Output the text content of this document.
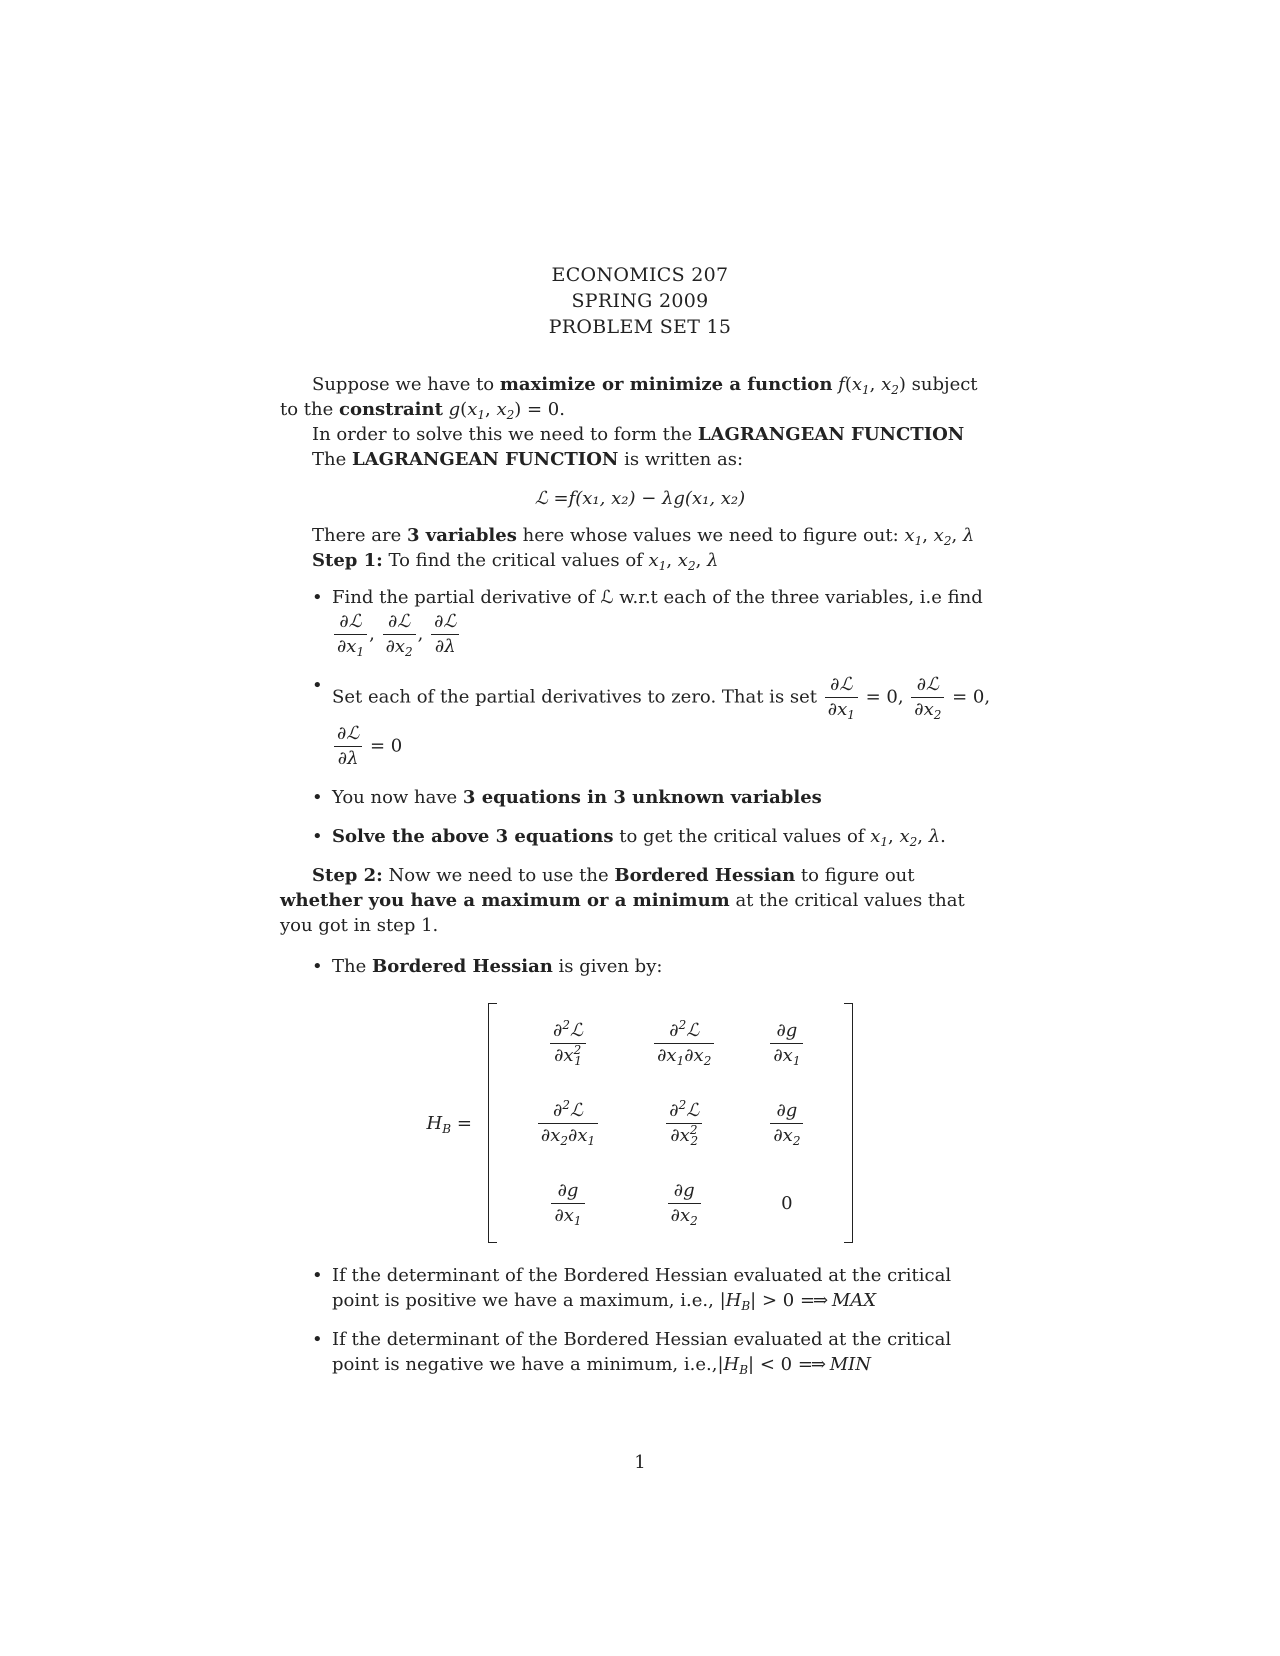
ECONOMICS 207
SPRING 2009
PROBLEM SET 15

Suppose we have to maximize or minimize a function $f(x_1$, $x_2$) subject to the constraint $g(x_1$, $x_2) = 0$.

In order to solve this we need to form the LAGRANGEAN FUNCTION

The LAGRANGEAN FUNCTION is written as:

ℒ =f(x₁, x₂) − λg(x₁, x₂)

There are 3 variables here whose values we need to figure out: $x_1$, $x_2$, λ

Step 1: To find the critical values of $x_1$, $x_2$, λ

• Find the partial derivative of ℒ w.r.t each of the three variables, i.e find

$\frac{\text{∂ℒ}}{\partial x_1}$ , $\frac{\text{∂ℒ}}{\partial x_2}$ , $\frac{\text{∂ℒ}}{\partial\lambda}$
•
Set each of the partial derivatives to zero. That is set $\frac{\text{∂ℒ}}{\partial x_1} = 0$, $\frac{\text{∂ℒ}}{\partial x_2} = 0$,
$\frac{\text{∂ℒ}}{\partial\lambda} = 0$
• You now have 3 equations in 3 unknown variables
• Solve the above 3 equations to get the critical values of $x_1$, $x_2$, λ.

Step 2: Now we need to use the Bordered Hessian to figure out whether you have a maximum or a minimum at the critical values that you got in step 1.

• The Bordered Hessian is given by:
$H_B$ =
$\frac{\partial^2ℒ}{\partial x^2_1}$	$\frac{\partial^2ℒ}{\partial x_1\partial x_2}$	$\frac{\partial g}{\partial x_1}$

$\frac{\partial^2ℒ}{\partial x_2\partial x_1}$	$\frac{\partial^2ℒ}{\partial x^2_2}$	$\frac{\partial g}{\partial x_2}$

$\frac{\partial g}{\partial x_1}$	$\frac{\partial g}{\partial x_2}$	0
• If the determinant of the Bordered Hessian evaluated at the critical point is positive we have a maximum, i.e., $|H_B| > 0$ =⇒ MAX
• If the determinant of the Bordered Hessian evaluated at the critical point is negative we have a minimum, $i.e.,|H_B| < 0$ =⇒ MIN
1
